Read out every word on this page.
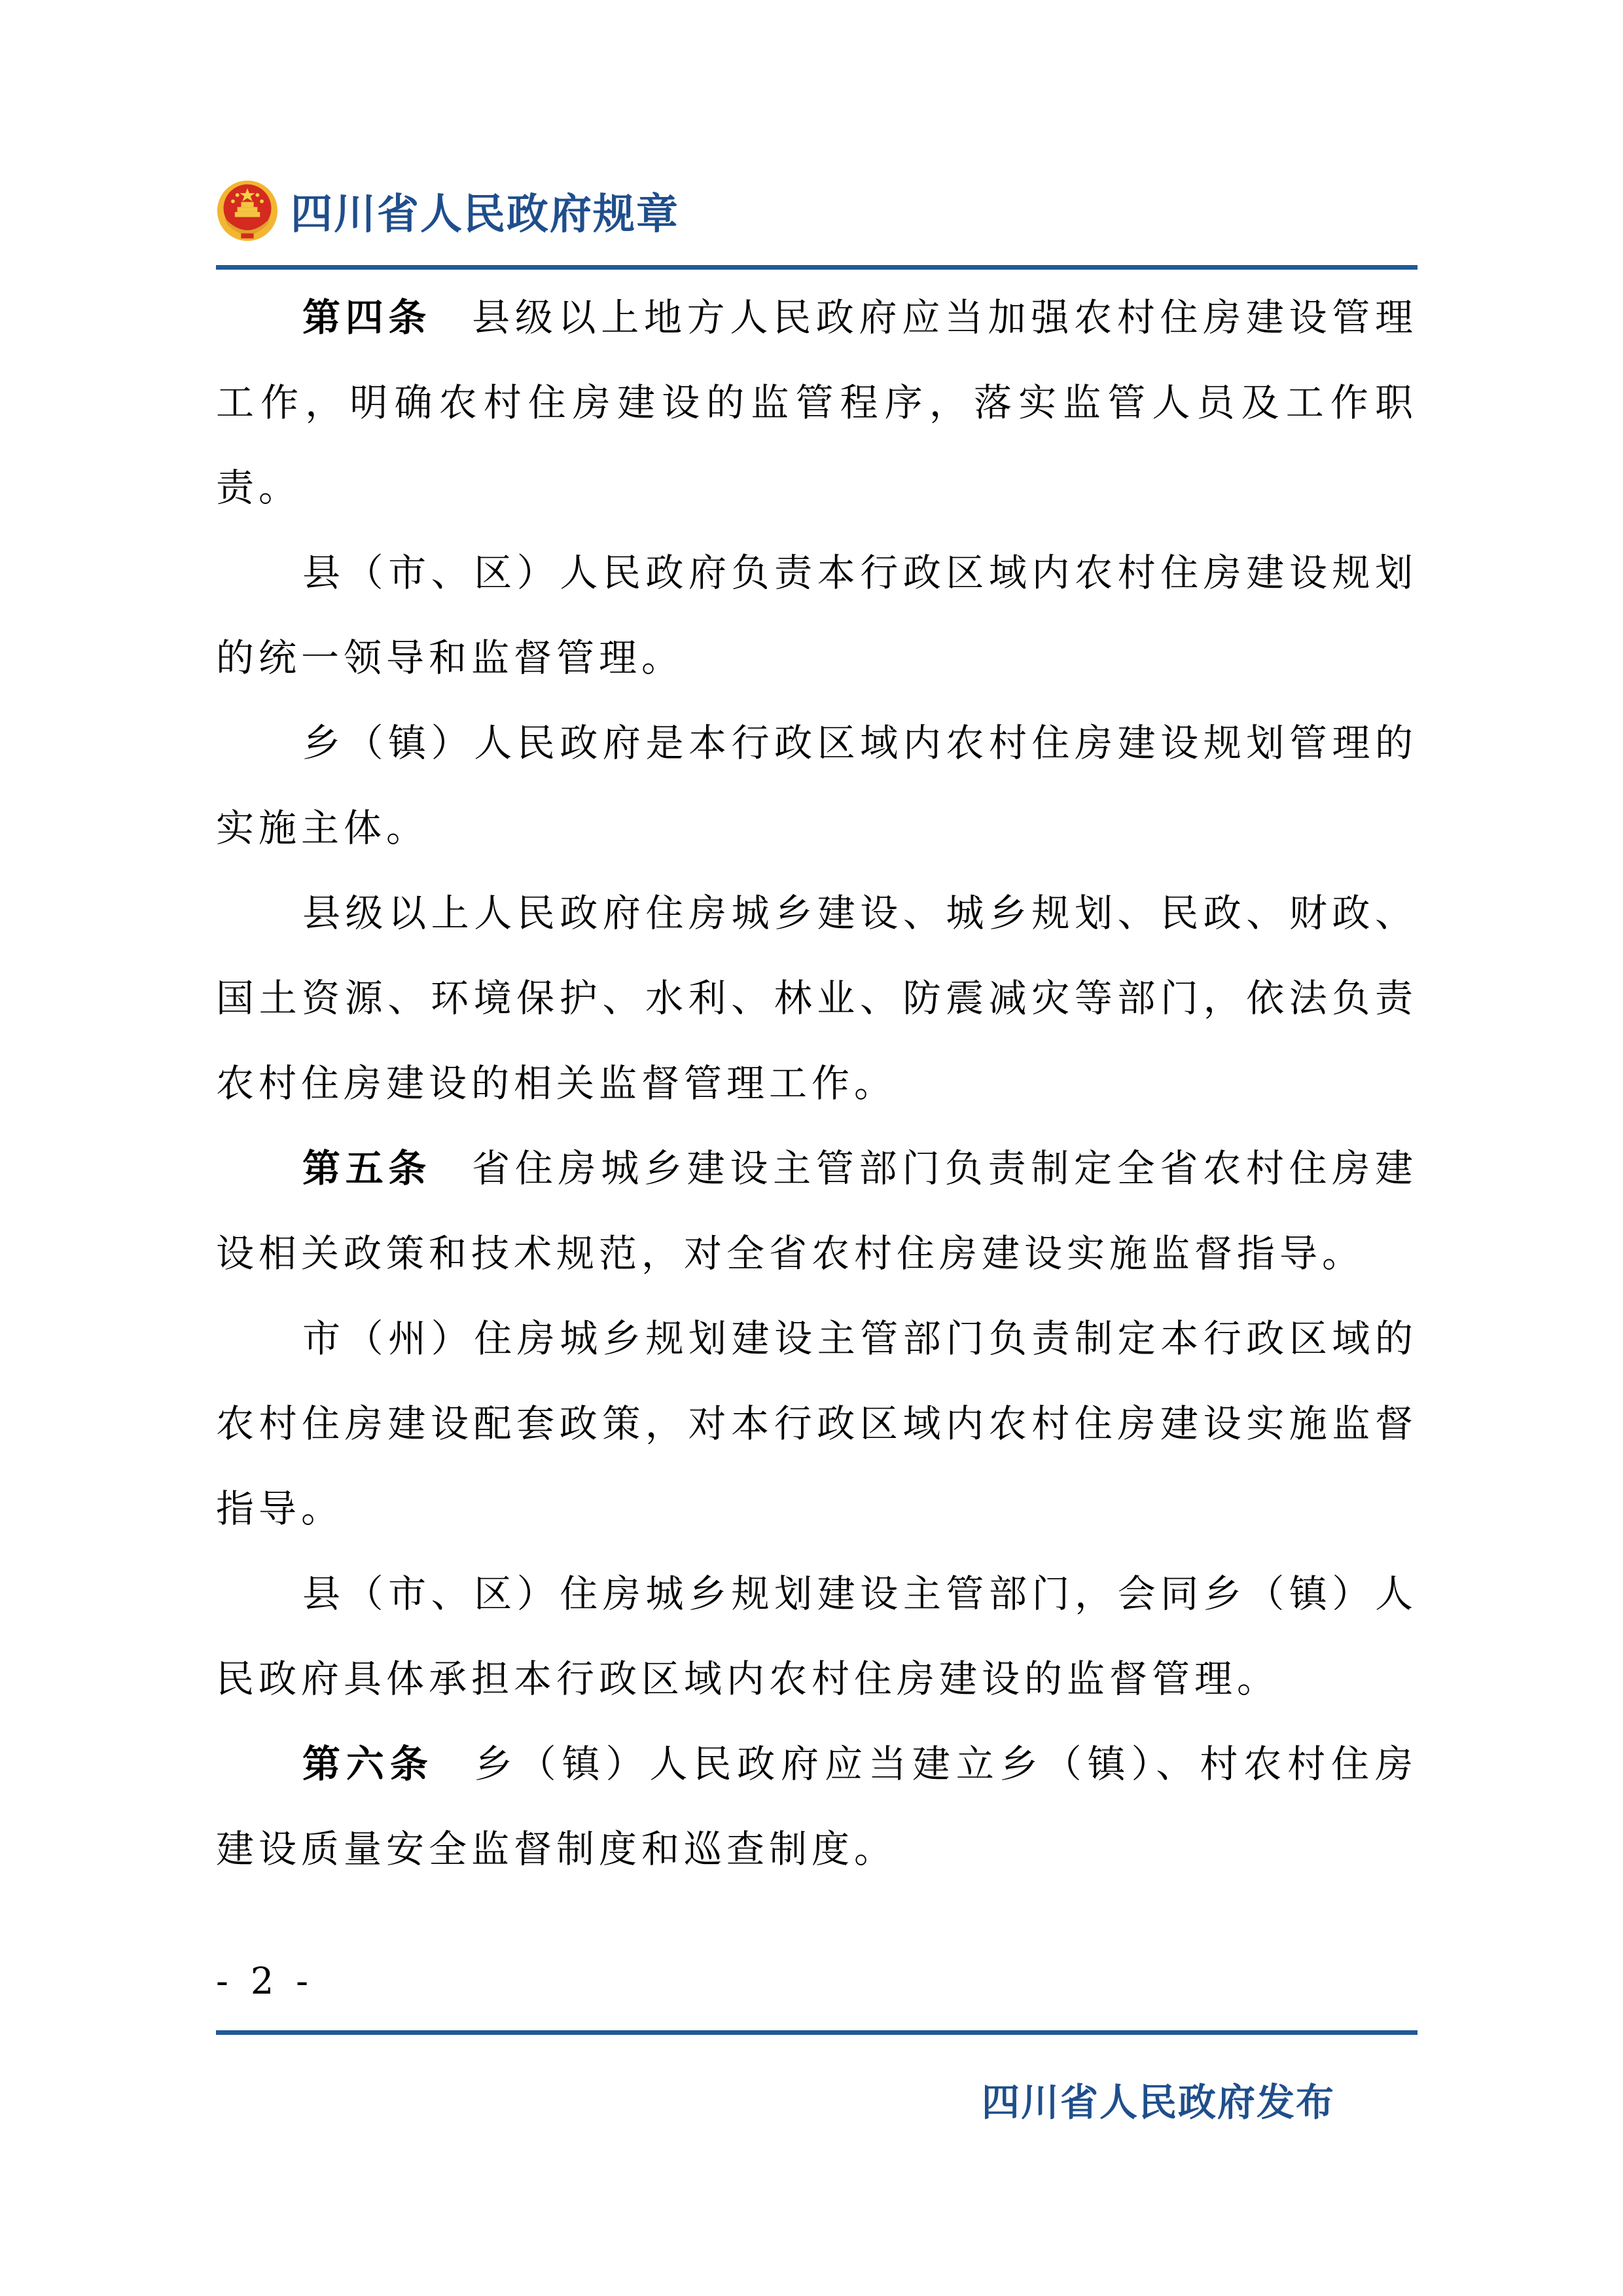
四川省人民政府规章

第四条 县级以上地方人民政府应当加强农村住房建设管理工作，明确农村住房建设的监管程序，落实监管人员及工作职责。

县（市、区）人民政府负责本行政区域内农村住房建设规划的统一领导和监督管理。

乡（镇）人民政府是本行政区域内农村住房建设规划管理的实施主体。

县级以上人民政府住房城乡建设、城乡规划、民政、财政、国土资源、环境保护、水利、林业、防震减灾等部门，依法负责农村住房建设的相关监督管理工作。

第五条 省住房城乡建设主管部门负责制定全省农村住房建设相关政策和技术规范，对全省农村住房建设实施监督指导。

市（州）住房城乡规划建设主管部门负责制定本行政区域的农村住房建设配套政策，对本行政区域内农村住房建设实施监督指导。

县（市、区）住房城乡规划建设主管部门，会同乡（镇）人民政府具体承担本行政区域内农村住房建设的监督管理。

第六条 乡（镇）人民政府应当建立乡（镇）、村农村住房建设质量安全监督制度和巡查制度。

- 2 -
四川省人民政府发布
